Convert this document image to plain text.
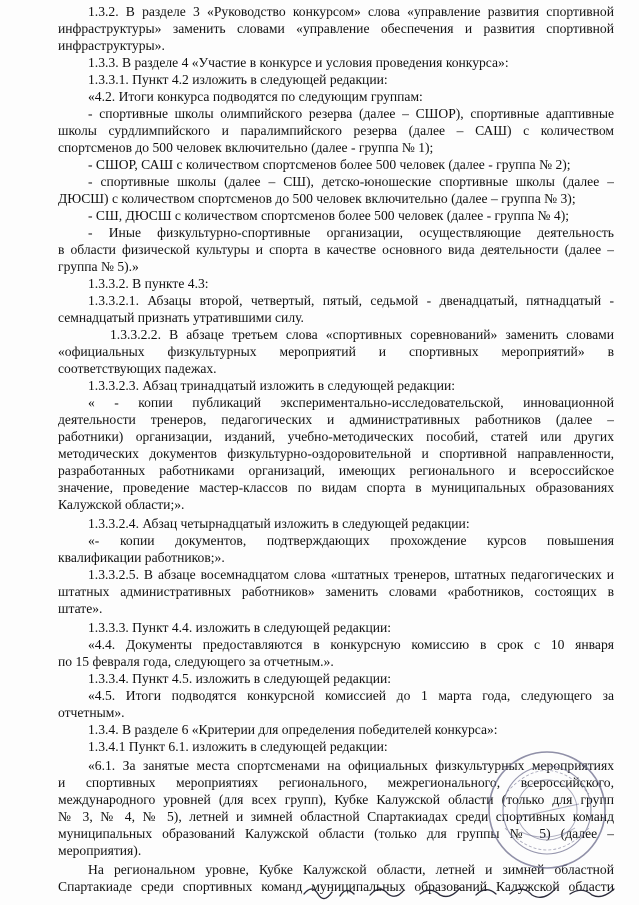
1.3.2. В разделе 3 «Руководство конкурсом» слова «управление развития спортивной
инфраструктуры» заменить словами «управление обеспечения и развития спортивной
инфраструктуры».
1.3.3. В разделе 4 «Участие в конкурсе и условия проведения конкурса»:
1.3.3.1. Пункт 4.2 изложить в следующей редакции:
«4.2. Итоги конкурса подводятся по следующим группам:
- спортивные школы олимпийского резерва (далее – СШОР), спортивные адаптивные
школы сурдлимпийского и паралимпийского резерва (далее – САШ) с количеством
спортсменов до 500 человек включительно (далее - группа № 1);
- СШОР, САШ с количеством спортсменов более 500 человек (далее - группа № 2);
- спортивные школы (далее – СШ), детско-юношеские спортивные школы (далее –
ДЮСШ) с количеством спортсменов до 500 человек включительно (далее – группа № 3);
- СШ, ДЮСШ с количеством спортсменов более 500 человек (далее - группа № 4);
- Иные физкультурно-спортивные организации, осуществляющие деятельность
в области физической культуры и спорта в качестве основного вида деятельности (далее –
группа № 5).»
1.3.3.2. В пункте 4.3:
1.3.3.2.1. Абзацы второй, четвертый, пятый, седьмой - двенадцатый, пятнадцатый -
семнадцатый признать утратившими силу.
1.3.3.2.2. В абзаце третьем слова «спортивных соревнований» заменить словами
«официальных физкультурных мероприятий и спортивных мероприятий» в
соответствующих падежах.
1.3.3.2.3. Абзац тринадцатый изложить в следующей редакции:
« - копии публикаций экспериментально-исследовательской, инновационной
деятельности тренеров, педагогических и административных работников (далее –
работники) организации, изданий, учебно-методических пособий, статей или других
методических документов физкультурно-оздоровительной и спортивной направленности,
разработанных работниками организаций, имеющих регионального и всероссийское
значение, проведение мастер-классов по видам спорта в муниципальных образованиях
Калужской области;».
1.3.3.2.4. Абзац четырнадцатый изложить в следующей редакции:
«- копии документов, подтверждающих прохождение курсов повышения
квалификации работников;».
1.3.3.2.5. В абзаце восемнадцатом слова «штатных тренеров, штатных педагогических и
штатных административных работников» заменить словами «работников, состоящих в
штате».
1.3.3.3. Пункт 4.4. изложить в следующей редакции:
«4.4. Документы предоставляются в конкурсную комиссию в срок с 10 января
по 15 февраля года, следующего за отчетным.».
1.3.3.4. Пункт 4.5. изложить в следующей редакции:
«4.5. Итоги подводятся конкурсной комиссией до 1 марта года, следующего за
отчетным».
1.3.4. В разделе 6 «Критерии для определения победителей конкурса»:
1.3.4.1 Пункт 6.1. изложить в следующей редакции:
«6.1. За занятые места спортсменами на официальных физкультурных мероприятиях
и спортивных мероприятиях регионального, межрегионального, всероссийского,
международного уровней (для всех групп), Кубке Калужской области (только для групп
№ 3, № 4, № 5), летней и зимней областной Спартакиадах среди спортивных команд
муниципальных образований Калужской области (только для группы № 5) (далее –
мероприятия).
На региональном уровне, Кубке Калужской области, летней и зимней областной
Спартакиаде среди спортивных команд муниципальных образований Калужской области
